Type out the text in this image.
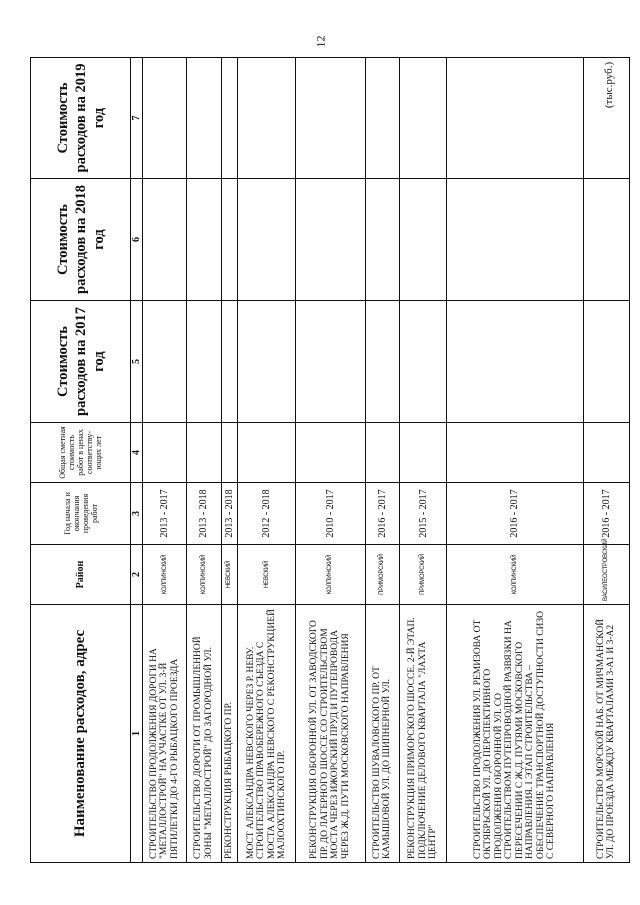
12
(тыс.руб.)
Наименование расходов, адрес	Район	Год начала и окончания проведения работ	Общая сметная стоимость работ в ценах соответству-ющих лет	Стоимость расходов на 2017 год	Стоимость расходов на 2018 год	Стоимость расходов на 2019 год
1	2	3	4	5	6	7
СТРОИТЕЛЬСТВО ПРОДОЛЖЕНИЯ ДОРОГИ НА "МЕТАЛЛОСТРОЙ" НА УЧАСТКЕ ОТ УЛ. 3-Й ПЯТИЛЕТКИ ДО 4-ГО РЫБАЦКОГО ПРОЕЗДА	КОЛПИНСКИЙ	2013 - 2017				
СТРОИТЕЛЬСТВО ДОРОГИ ОТ ПРОМЫШЛЕННОЙ ЗОНЫ "МЕТАЛЛОСТРОЙ" ДО ЗАГОРОДНОЙ УЛ.	КОЛПИНСКИЙ	2013 - 2018				
РЕКОНСТРУКЦИЯ РЫБАЦКОГО ПР.	НЕВСКИЙ	2013 - 2018				
МОСТ АЛЕКСАНДРА НЕВСКОГО ЧЕРЕЗ Р. НЕВУ. СТРОИТЕЛЬСТВО ПРАВОБЕРЕЖНОГО СЪЕЗДА С МОСТА АЛЕКСАНДРА НЕВСКОГО С РЕКОНСТРУКЦИЕЙ МАЛООХТИНСКОГО ПР.	НЕВСКИЙ	2012 - 2018				
РЕКОНСТРУКЦИЯ ОБОРОННОЙ УЛ. ОТ ЗАВОДСКОГО ПР. ДО ЛАГЕРНОГО ШОССЕ СО СТРОИТЕЛЬСТВОМ МОСТА ЧЕРЕЗ ИЖОРСКИЙ ПРУД И ПУТЕПРОВОДА ЧЕРЕЗ Ж.Д. ПУТИ МОСКОВСКОГО НАПРАВЛЕНИЯ	КОЛПИНСКИЙ	2010 - 2017				
СТРОИТЕЛЬСТВО ШУВАЛОВСКОГО ПР. ОТ КАМЫШОВОЙ УЛ. ДО ШИПНЕРНОЙ УЛ.	ПРИМОРСКИЙ	2016 - 2017				
РЕКОНСТРУКЦИЯ ПРИМОРСКОГО ШОССЕ. 2-Й ЭТАП. ПОДКЛЮЧЕНИЕ ДЕЛОВОГО КВАРТАЛА "ЛАХТА ЦЕНТР"	ПРИМОРСКИЙ	2015 - 2017				
СТРОИТЕЛЬСТВО ПРОДОЛЖЕНИЯ УЛ. РЕМИЗОВА ОТ ОКТЯБРЬСКОЙ УЛ. ДО ПЕРСПЕКТИВНОГО ПРОДОЛЖЕНИЯ ОБОРОННОЙ УЛ. СО СТРОИТЕЛЬСТВОМ ПУТЕПРОВОДНОЙ РАЗВЯЗКИ НА ПЕРЕСЕЧЕНИИ С Ж.Д. ПУТЯМИ МОСКОВСКОГО НАПРАВЛЕНИЯ. I ЭТАП СТРОИТЕЛЬСТВА – ОБЕСПЕЧЕНИЕ ТРАНСПОРТНОЙ ДОСТУПНОСТИ СИЗО С СЕВЕРНОГО НАПРАВЛЕНИЯ	КОЛПИНСКИЙ	2016 - 2017				
СТРОИТЕЛЬСТВО МОРСКОЙ НАБ. ОТ МИЧМАНСКОЙ УЛ. ДО ПРОЕЗДА МЕЖДУ КВАРТАЛАМИ 3-А1 И 3-А2	ВАСИЛЕОСТРОВСКИЙ	2016 - 2017				
